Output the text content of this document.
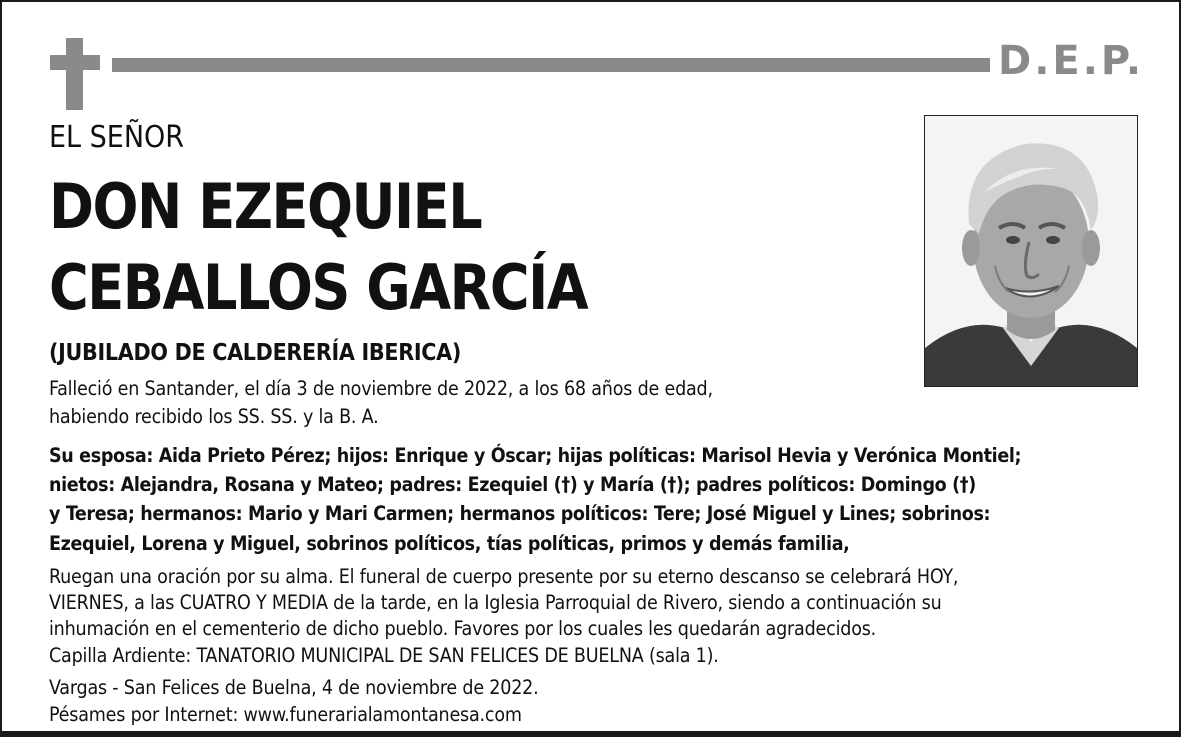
D.E.P.
EL SEÑOR
DON EZEQUIEL
CEBALLOS GARCÍA
(JUBILADO DE CALDERERÍA IBERICA)
Falleció en Santander, el día 3 de noviembre de 2022, a los 68 años de edad,
habiendo recibido los SS. SS. y la B. A.
Su esposa: Aida Prieto Pérez; hijos: Enrique y Óscar; hijas políticas: Marisol Hevia y Verónica Montiel;
nietos: Alejandra, Rosana y Mateo; padres: Ezequiel (†) y María (†); padres políticos: Domingo (†)
y Teresa; hermanos: Mario y Mari Carmen; hermanos políticos: Tere; José Miguel y Lines; sobrinos:
Ezequiel, Lorena y Miguel, sobrinos políticos, tías políticas, primos y demás familia,
Ruegan una oración por su alma. El funeral de cuerpo presente por su eterno descanso se celebrará HOY,
VIERNES, a las CUATRO Y MEDIA de la tarde, en la Iglesia Parroquial de Rivero, siendo a continuación su
inhumación en el cementerio de dicho pueblo. Favores por los cuales les quedarán agradecidos.
Capilla Ardiente: TANATORIO MUNICIPAL DE SAN FELICES DE BUELNA (sala 1).
Vargas - San Felices de Buelna, 4 de noviembre de 2022.
Pésames por Internet: www.funerarialamontanesa.com
